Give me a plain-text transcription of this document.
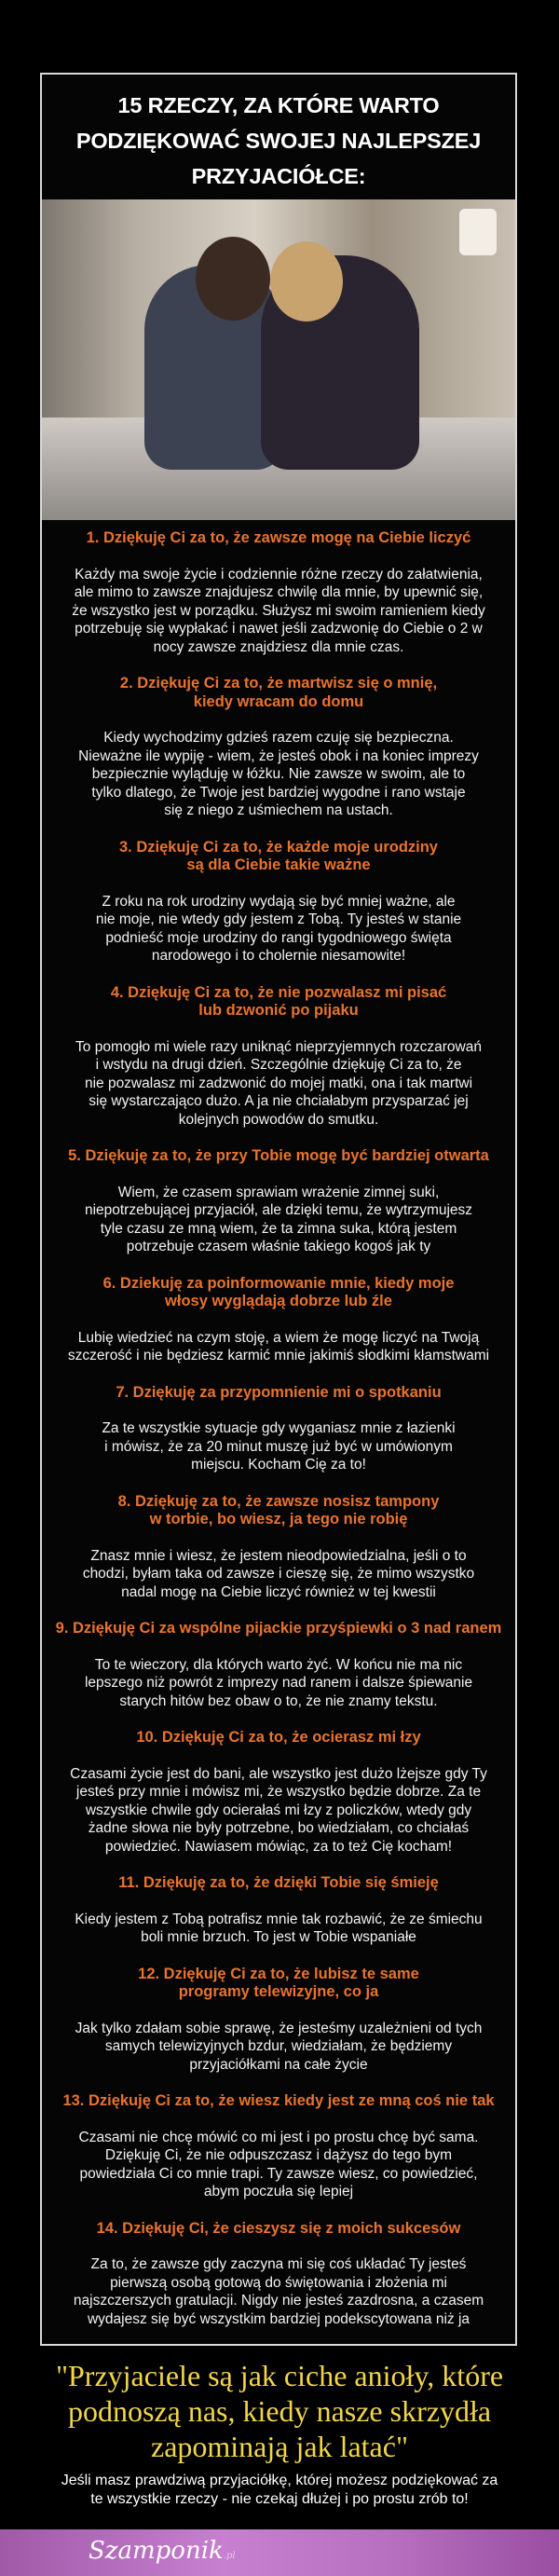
15 RZECZY, ZA KTÓRE WARTO
PODZIĘKOWAĆ SWOJEJ NAJLEPSZEJ
PRZYJACIÓŁCE:
1. Dziękuję Ci za to, że zawsze mogę na Ciebie liczyć
Każdy ma swoje życie i codziennie różne rzeczy do załatwienia,
ale mimo to zawsze znajdujesz chwilę dla mnie, by upewnić się,
że wszystko jest w porządku. Służysz mi swoim ramieniem kiedy
potrzebuję się wypłakać i nawet jeśli zadzwonię do Ciebie o 2 w
nocy zawsze znajdziesz dla mnie czas.
2. Dziękuję Ci za to, że martwisz się o mnię,
kiedy wracam do domu
Kiedy wychodzimy gdzieś razem czuję się bezpieczna.
Nieważne ile wypiję - wiem, że jesteś obok i na koniec imprezy
bezpiecznie wyląduję w łóżku. Nie zawsze w swoim, ale to
tylko dlatego, że Twoje jest bardziej wygodne i rano wstaje
się z niego z uśmiechem na ustach.
3. Dziękuję Ci za to, że każde moje urodziny
są dla Ciebie takie ważne
Z roku na rok urodziny wydają się być mniej ważne, ale
nie moje, nie wtedy gdy jestem z Tobą. Ty jesteś w stanie
podnieść moje urodziny do rangi tygodniowego święta
narodowego i to cholernie niesamowite!
4. Dziękuję Ci za to, że nie pozwalasz mi pisać
lub dzwonić po pijaku
To pomogło mi wiele razy uniknąć nieprzyjemnych rozczarowań
i wstydu na drugi dzień. Szczególnie dziękuję Ci za to, że
nie pozwalasz mi zadzwonić do mojej matki, ona i tak martwi
się wystarczająco dużo. A ja nie chciałabym przysparzać jej
kolejnych powodów do smutku.
5. Dziękuję za to, że przy Tobie mogę być bardziej otwarta
Wiem, że czasem sprawiam wrażenie zimnej suki,
niepotrzebującej przyjaciół, ale dzięki temu, że wytrzymujesz
tyle czasu ze mną wiem, że ta zimna suka, którą jestem
potrzebuje czasem właśnie takiego kogoś jak ty
6. Dziekuję za poinformowanie mnie, kiedy moje
włosy wyglądają dobrze lub źle
Lubię wiedzieć na czym stoję, a wiem że mogę liczyć na Twoją
szczerość i nie będziesz karmić mnie jakimiś słodkimi kłamstwami
7. Dziękuję za przypomnienie mi o spotkaniu
Za te wszystkie sytuacje gdy wyganiasz mnie z łazienki
i mówisz, że za 20 minut muszę już być w umówionym
miejscu. Kocham Cię za to!
8. Dziękuję za to, że zawsze nosisz tampony
w torbie, bo wiesz, ja tego nie robię
Znasz mnie i wiesz, że jestem nieodpowiedzialna, jeśli o to
chodzi, byłam taka od zawsze i cieszę się, że mimo wszystko
nadal mogę na Ciebie liczyć również w tej kwestii
9. Dziękuję Ci za wspólne pijackie przyśpiewki o 3 nad ranem
To te wieczory, dla których warto żyć. W końcu nie ma nic
lepszego niż powrót z imprezy nad ranem i dalsze śpiewanie
starych hitów bez obaw o to, że nie znamy tekstu.
10. Dziękuję Ci za to, że ocierasz mi łzy
Czasami życie jest do bani, ale wszystko jest dużo lżejsze gdy Ty
jesteś przy mnie i mówisz mi, że wszystko będzie dobrze. Za te
wszystkie chwile gdy ocierałaś mi łzy z policzków, wtedy gdy
żadne słowa nie były potrzebne, bo wiedziałam, co chciałaś
powiedzieć. Nawiasem mówiąc, za to też Cię kocham!
11. Dziękuję za to, że dzięki Tobie się śmieję
Kiedy jestem z Tobą potrafisz mnie tak rozbawić, że ze śmiechu
boli mnie brzuch. To jest w Tobie wspaniałe
12. Dziękuję Ci za to, że lubisz te same
programy telewizyjne, co ja
Jak tylko zdałam sobie sprawę, że jesteśmy uzależnieni od tych
samych telewizyjnych bzdur, wiedziałam, że będziemy
przyjaciółkami na całe życie
13. Dziękuję Ci za to, że wiesz kiedy jest ze mną coś nie tak
Czasami nie chcę mówić co mi jest i po prostu chcę być sama.
Dziękuję Ci, że nie odpuszczasz i dążysz do tego bym
powiedziała Ci co mnie trapi. Ty zawsze wiesz, co powiedzieć,
abym poczuła się lepiej
14. Dziękuję Ci, że cieszysz się z moich sukcesów
Za to, że zawsze gdy zaczyna mi się coś układać Ty jesteś
pierwszą osobą gotową do świętowania i złożenia mi
najszczerszych gratulacji. Nigdy nie jesteś zazdrosna, a czasem
wydajesz się być wszystkim bardziej podekscytowana niż ja
"Przyjaciele są jak ciche anioły, które
podnoszą nas, kiedy nasze skrzydła
zapominają jak latać"
Jeśli masz prawdziwą przyjaciółkę, której możesz podziękować za
te wszystkie rzeczy - nie czekaj dłużej i po prostu zrób to!
Szamponik.pl
